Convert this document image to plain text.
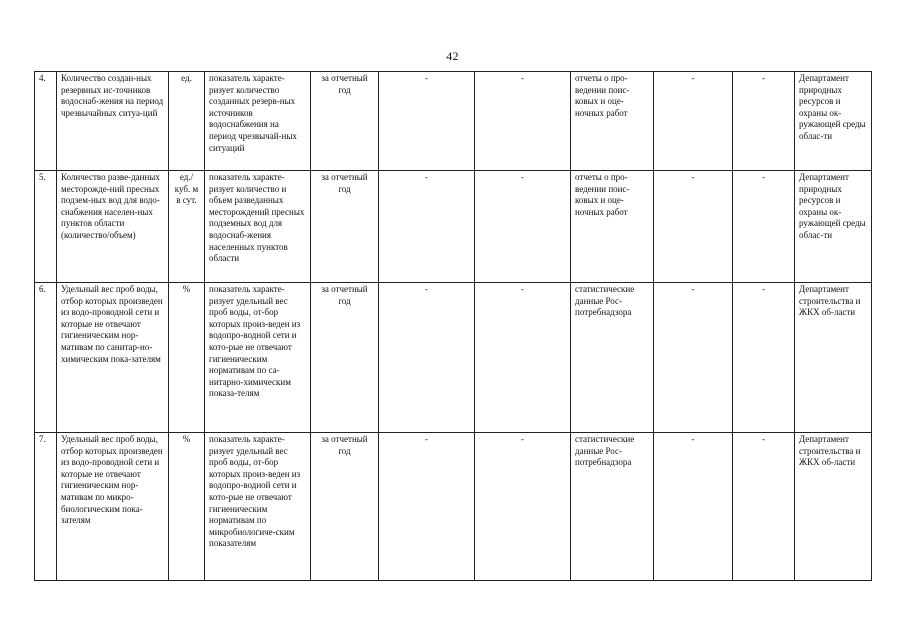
42
4.	Количество создан-ных резервных ис-точников водоснаб-жения на период чрезвычайных ситуа-ций	ед.	показатель характе-ризует количество созданных резерв-ных источников водоснабжения на период чрезвычай-ных ситуаций	за отчетный год	-	-	отчеты о про-ведении поис-ковых и оце-ночных работ	-	-	Департамент природных ресурсов и охраны ок-ружающей среды облас-ти

5.	Количество разве-данных месторожде-ний пресных подзем-ных вод для водо-снабжения населен-ных пунктов области (количество/объем)	ед./ куб. м в сут.	показатель характе-ризует количество и объем разведанных месторождений пресных подземных вод для водоснаб-жения населенных пунктов области	за отчетный год	-	-	отчеты о про-ведении поис-ковых и оце-ночных работ	-	-	Департамент природных ресурсов и охраны ок-ружающей среды облас-ти

6.	Удельный вес проб воды, отбор которых произведен из водо-проводной сети и которые не отвечают гигиеническим нор-мативам по санитар-но-химическим пока-зателям	%	показатель характе-ризует удельный вес проб воды, от-бор которых произ-веден из водопро-водной сети и кото-рые не отвечают гигиеническим нормативам по са-нитарно-химическим показа-телям	за отчетный год	-	-	статистические данные Рос-потребнадзора	-	-	Департамент строительства и ЖКХ об-ласти

7.	Удельный вес проб воды, отбор которых произведен из водо-проводной сети и которые не отвечают гигиеническим нор-мативам по микро-биологическим пока-зателям	%	показатель характе-ризует удельный вес проб воды, от-бор которых произ-веден из водопро-водной сети и кото-рые не отвечают гигиеническим нормативам по микробиологиче-ским показателям	за отчетный год	-	-	статистические данные Рос-потребнадзора	-	-	Департамент строительства и ЖКХ об-ласти
